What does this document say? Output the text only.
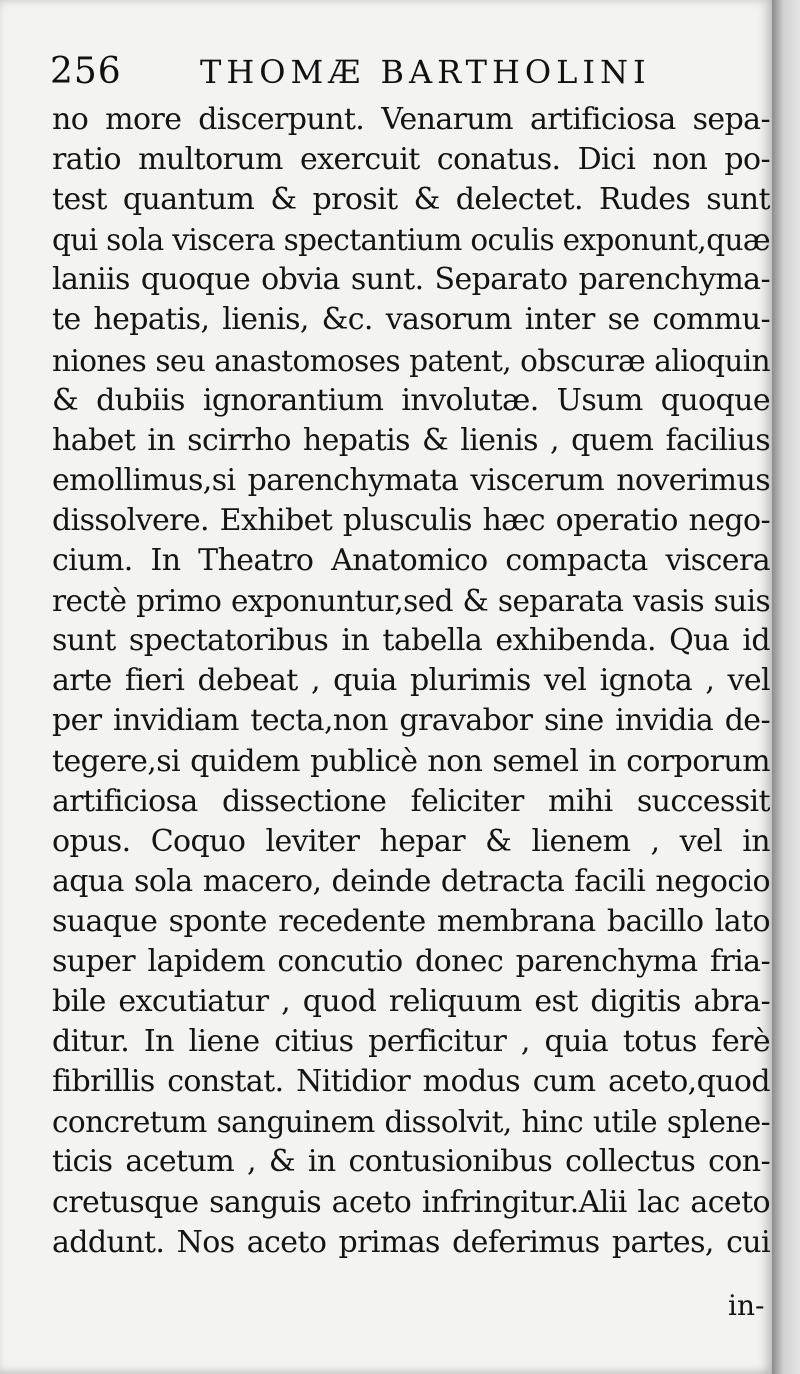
256 THOMÆ BARTHOLINI
no more discerpunt. Venarum artificiosa sepa-
ratio multorum exercuit conatus. Dici non po-
test quantum & prosit & delectet. Rudes sunt
qui sola viscera spectantium oculis exponunt,quæ
laniis quoque obvia sunt. Separato parenchyma-
te hepatis, lienis, &c. vasorum inter se commu-
niones seu anastomoses patent, obscuræ alioquin
& dubiis ignorantium involutæ. Usum quoque
habet in scirrho hepatis & lienis , quem facilius
emollimus,si parenchymata viscerum noverimus
dissolvere. Exhibet plusculis hæc operatio nego-
cium. In Theatro Anatomico compacta viscera
rectè primo exponuntur,sed & separata vasis suis
sunt spectatoribus in tabella exhibenda. Qua id
arte fieri debeat , quia plurimis vel ignota , vel
per invidiam tecta,non gravabor sine invidia de-
tegere,si quidem publicè non semel in corporum
artificiosa dissectione feliciter mihi successit
opus. Coquo leviter hepar & lienem , vel in
aqua sola macero, deinde detracta facili negocio
suaque sponte recedente membrana bacillo lato
super lapidem concutio donec parenchyma fria-
bile excutiatur , quod reliquum est digitis abra-
ditur. In liene citius perficitur , quia totus ferè
fibrillis constat. Nitidior modus cum aceto,quod
concretum sanguinem dissolvit, hinc utile splene-
ticis acetum , & in contusionibus collectus con-
cretusque sanguis aceto infringitur.Alii lac aceto
addunt. Nos aceto primas deferimus partes, cui
in-
